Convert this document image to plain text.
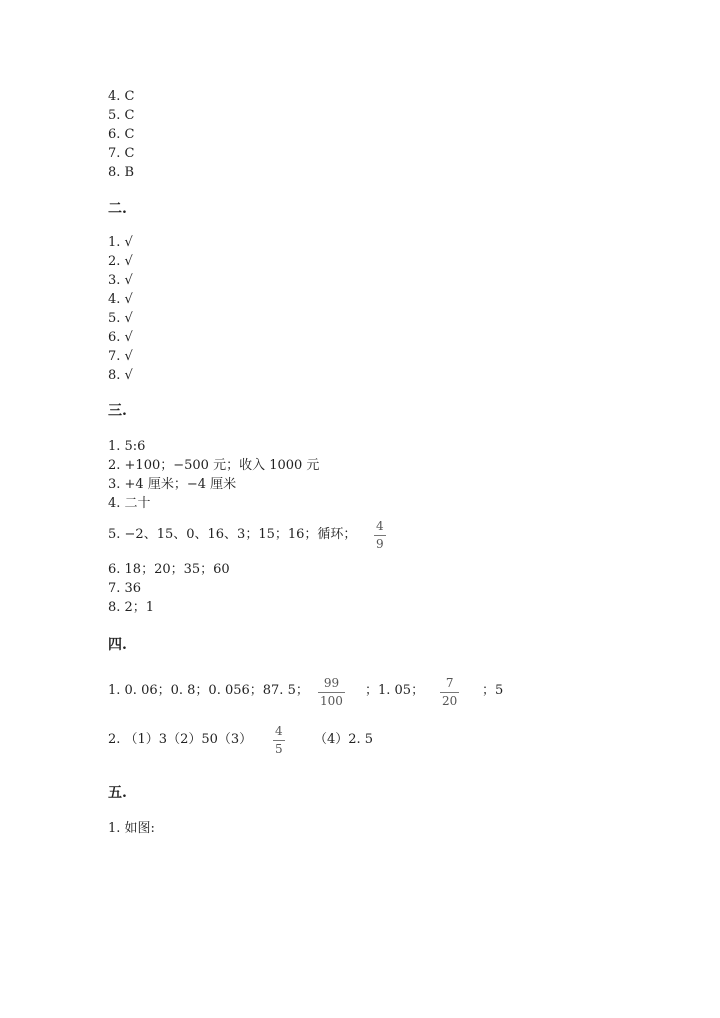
4. C
5. C
6. C
7. C
8. B
二.
1. √
2. √
3. √
4. √
5. √
6. √
7. √
8. √
三.
1. 5:6
2. +100；−500 元；收入 1000 元
3. +4 厘米；−4 厘米
4. 二十
5. −2、15、0、16、3；15；16；循环；
4
9
6. 18；20；35；60
7. 36
8. 2；1
四.
1. 0. 06；0. 8；0. 056；87. 5； 99
100
；1. 05； 7
20
；5
2. （1）3（2）50（3）
4
5
（4）2. 5
五.
1. 如图:
